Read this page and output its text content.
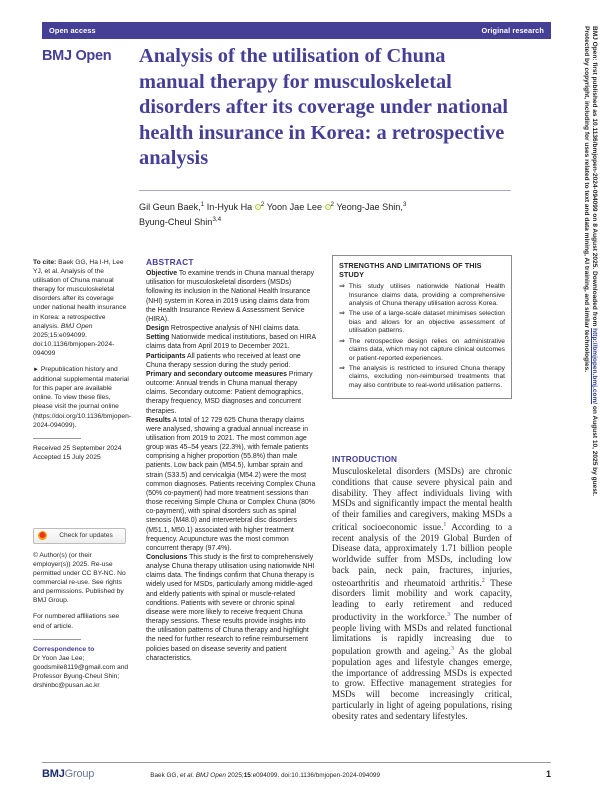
Open access	Original research
BMJ Open	Analysis of the utilisation of Chuna manual therapy for musculoskeletal disorders after its coverage under national health insurance in Korea: a retrospective analysis
Gil Geun Baek,$^1$ In-Hyuk Ha $^2$ Yoon Jae Lee $^2$ Yeong-Jae Shin,$^3$
Byung-Cheul Shin$^{3,4}$

To cite: Baek GG, Ha I-H, Lee YJ, et al. Analysis of the utilisation of Chuna manual therapy for musculoskeletal disorders after its coverage under national health insurance in Korea: a retrospective analysis. BMJ Open 2025;15:e094099. doi:10.1136/bmjopen-2024-094099

► Prepublication history and additional supplemental material for this paper are available online. To view these files, please visit the journal online (https://doi.org/10.1136/bmjopen-2024-094099).

Received 25 September 2024

Accepted 15 July 2025

Check for updates

© Author(s) (or their employer(s)) 2025. Re-use permitted under CC BY-NC. No commercial re-use. See rights and permissions. Published by BMJ Group.

For numbered affiliations see end of article.

Correspondence to
Dr Yoon Jae Lee; goodsmile8119@gmail.com and Professor Byung-Cheul Shin; drshinbc@pusan.ac.kr

ABSTRACT

Objective To examine trends in Chuna manual therapy utilisation for musculoskeletal disorders (MSDs) following its inclusion in the National Health Insurance (NHI) system in Korea in 2019 using claims data from the Health Insurance Review & Assessment Service (HIRA).

Design Retrospective analysis of NHI claims data.

Setting Nationwide medical institutions, based on HIRA claims data from April 2019 to December 2021.

Participants All patients who received at least one Chuna therapy session during the study period.

Primary and secondary outcome measures Primary outcome: Annual trends in Chuna manual therapy claims. Secondary outcome: Patient demographics, therapy frequency, MSD diagnoses and concurrent therapies.

Results A total of 12 729 625 Chuna therapy claims were analysed, showing a gradual annual increase in utilisation from 2019 to 2021. The most common age group was 45–54 years (22.3%), with female patients comprising a higher proportion (55.8%) than male patients. Low back pain (M54.5), lumbar sprain and strain (S33.5) and cervicalgia (M54.2) were the most common diagnoses. Patients receiving Complex Chuna (50% co-payment) had more treatment sessions than those receiving Simple Chuna or Complex Chuna (80% co-payment), with spinal disorders such as spinal stenosis (M48.0) and intervertebral disc disorders (M51.1, M50.1) associated with higher treatment frequency. Acupuncture was the most common concurrent therapy (97.4%).

Conclusions This study is the first to comprehensively analyse Chuna therapy utilisation using nationwide NHI claims data. The findings confirm that Chuna therapy is widely used for MSDs, particularly among middle-aged and elderly patients with spinal or muscle-related conditions. Patients with severe or chronic spinal disease were more likely to receive frequent Chuna therapy sessions. These results provide insights into the utilisation patterns of Chuna therapy and highlight the need for further research to refine reimbursement policies based on disease severity and patient characteristics.

STRENGTHS AND LIMITATIONS OF THIS STUDY
⇒ This study utilises nationwide National Health Insurance claims data, providing a comprehensive analysis of Chuna therapy utilisation across Korea.
⇒ The use of a large-scale dataset minimises selection bias and allows for an objective assessment of utilisation patterns.
⇒ The retrospective design relies on administrative claims data, which may not capture clinical outcomes or patient-reported experiences.
⇒ The analysis is restricted to insured Chuna therapy claims, excluding non-reimbursed treatments that may also contribute to real-world utilisation patterns.
INTRODUCTION

Musculoskeletal disorders (MSDs) are chronic conditions that cause severe physical pain and disability. They affect individuals living with MSDs and significantly impact the mental health of their families and caregivers, making MSDs a critical socioeconomic issue.$^1$ According to a recent analysis of the 2019 Global Burden of Disease data, approximately 1.71 billion people worldwide suffer from MSDs, including low back pain, neck pain, fractures, injuries, osteoarthritis and rheumatoid arthritis.$^2$ These disorders limit mobility and work capacity, leading to early retirement and reduced productivity in the workforce.$^3$ The number of people living with MSDs and related functional limitations is rapidly increasing due to population growth and ageing.$^3$ As the global population ages and lifestyle changes emerge, the importance of addressing MSDs is expected to grow. Effective management strategies for MSDs will become increasingly critical, particularly in light of ageing populations, rising obesity rates and sedentary lifestyles.

BMJGroup	Baek GG, et al. BMJ Open 2025;15:e094099. doi:10.1136/bmjopen-2024-094099	1
BMJ Open: first published as 10.1136/bmjopen-2024-094099 on 8 August 2025. Downloaded from http://bmjopen.bmj.com/ on August 10, 2025 by guest.
Protected by copyright, including for uses related to text and data mining, AI training, and similar technologies.
